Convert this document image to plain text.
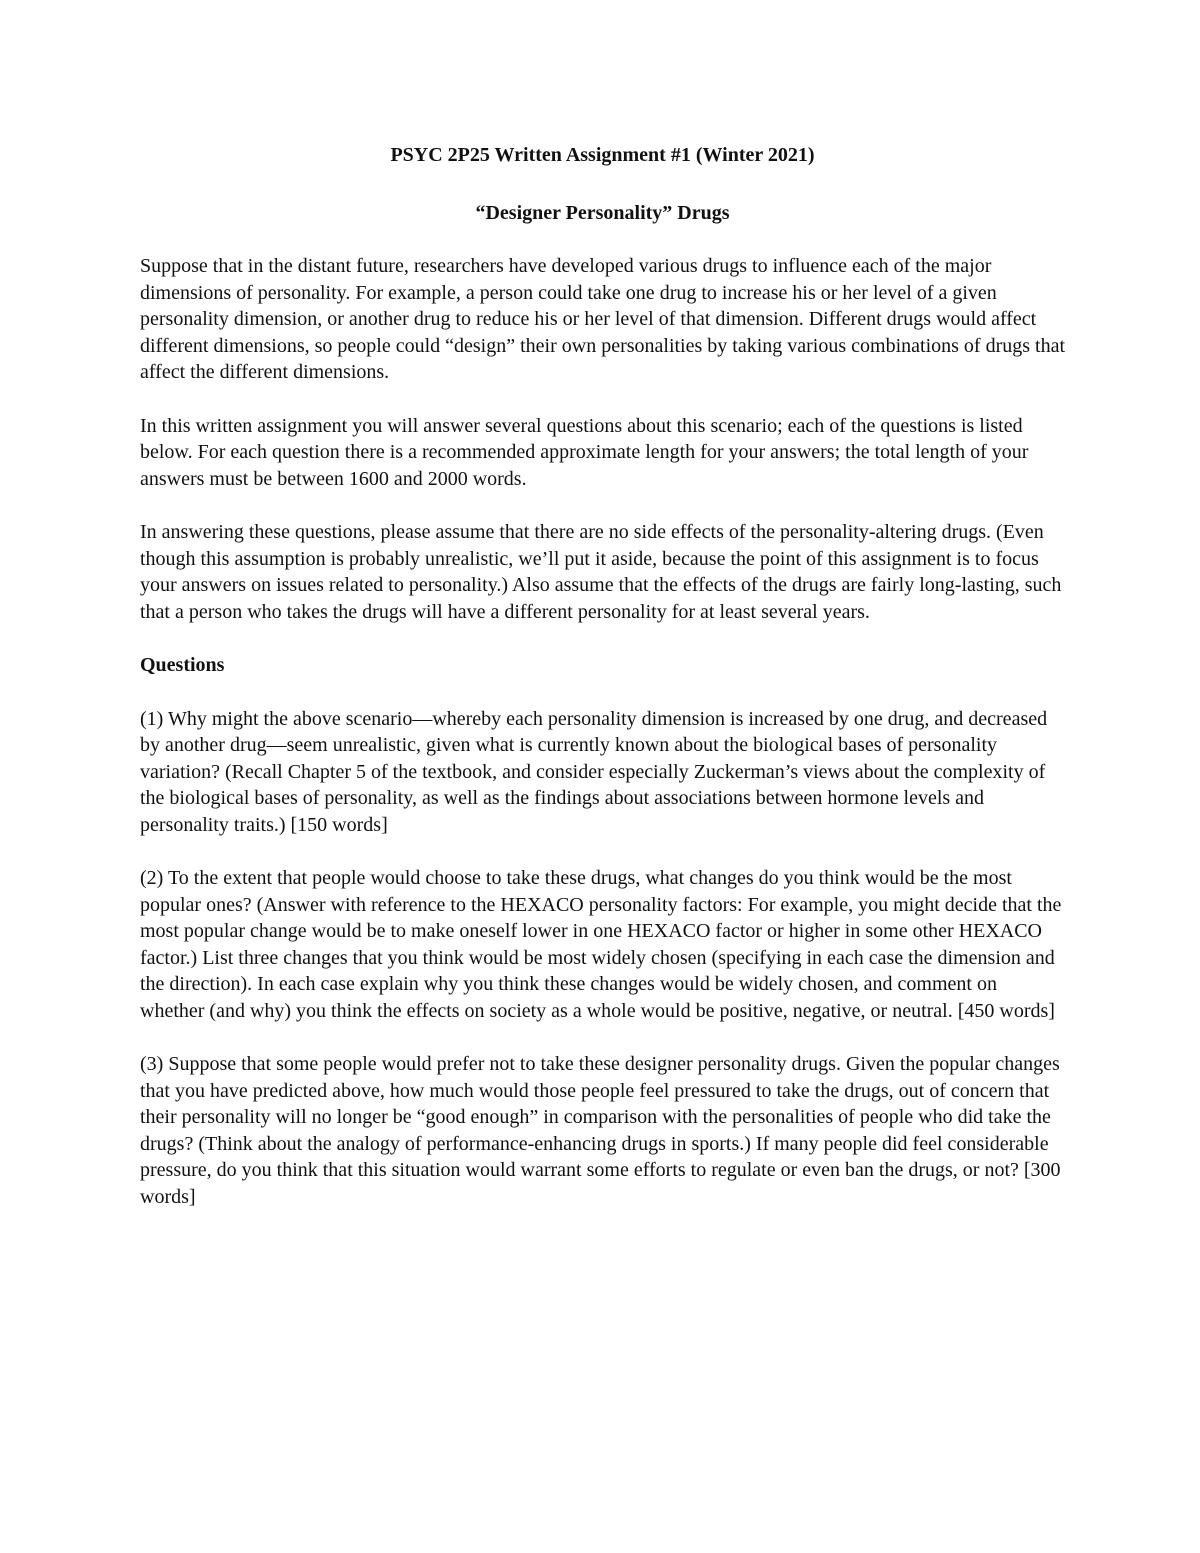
PSYC 2P25 Written Assignment #1 (Winter 2021)

“Designer Personality” Drugs

Suppose that in the distant future, researchers have developed various drugs to influence each of the major dimensions of personality. For example, a person could take one drug to increase his or her level of a given personality dimension, or another drug to reduce his or her level of that dimension. Different drugs would affect different dimensions, so people could “design” their own personalities by taking various combinations of drugs that affect the different dimensions.

In this written assignment you will answer several questions about this scenario; each of the questions is listed below. For each question there is a recommended approximate length for your answers; the total length of your answers must be between 1600 and 2000 words.

In answering these questions, please assume that there are no side effects of the personality-altering drugs. (Even though this assumption is probably unrealistic, we’ll put it aside, because the point of this assignment is to focus your answers on issues related to personality.) Also assume that the effects of the drugs are fairly long-lasting, such that a person who takes the drugs will have a different personality for at least several years.

Questions

(1) Why might the above scenario—whereby each personality dimension is increased by one drug, and decreased by another drug—seem unrealistic, given what is currently known about the biological bases of personality variation? (Recall Chapter 5 of the textbook, and consider especially Zuckerman’s views about the complexity of the biological bases of personality, as well as the findings about associations between hormone levels and personality traits.) [150 words]

(2) To the extent that people would choose to take these drugs, what changes do you think would be the most popular ones? (Answer with reference to the HEXACO personality factors: For example, you might decide that the most popular change would be to make oneself lower in one HEXACO factor or higher in some other HEXACO factor.) List three changes that you think would be most widely chosen (specifying in each case the dimension and the direction). In each case explain why you think these changes would be widely chosen, and comment on whether (and why) you think the effects on society as a whole would be positive, negative, or neutral. [450 words]

(3) Suppose that some people would prefer not to take these designer personality drugs. Given the popular changes that you have predicted above, how much would those people feel pressured to take the drugs, out of concern that their personality will no longer be “good enough” in comparison with the personalities of people who did take the drugs? (Think about the analogy of performance-enhancing drugs in sports.) If many people did feel considerable pressure, do you think that this situation would warrant some efforts to regulate or even ban the drugs, or not? [300 words]
